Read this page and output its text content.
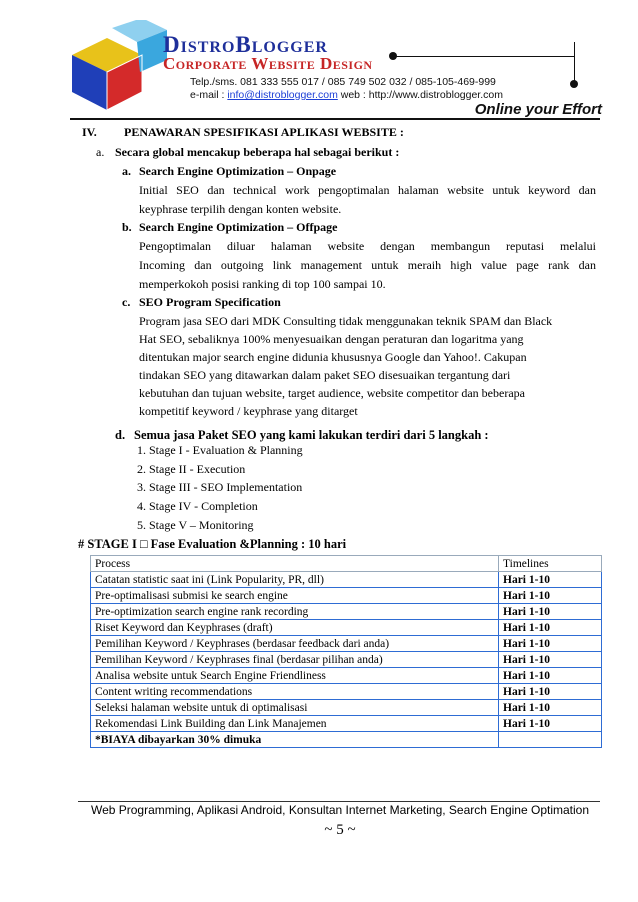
DistroBlogger
Corporate Website Design
Telp./sms. 081 333 555 017 / 085 749 502 032 / 085-105-469-999
e-mail : info@distroblogger.com web : http://www.distroblogger.com
Online your Effort
IV. PENAWARAN SPESIFIKASI APLIKASI WEBSITE :
a. Secara global mencakup beberapa hal sebagai berikut :
a. Search Engine Optimization – Onpage
Initial SEO dan technical work pengoptimalan halaman website untuk keyword dan
keyphrase terpilih dengan konten website.
b. Search Engine Optimization – Offpage
Pengoptimalan diluar halaman website dengan membangun reputasi melalui
Incoming dan outgoing link management untuk meraih high value page rank dan
memperkokoh posisi ranking di top 100 sampai 10.
c. SEO Program Specification
Program jasa SEO dari MDK Consulting tidak menggunakan teknik SPAM dan Black
Hat SEO, sebaliknya 100% menyesuaikan dengan peraturan dan logaritma yang
ditentukan major search engine didunia khususnya Google dan Yahoo!. Cakupan
tindakan SEO yang ditawarkan dalam paket SEO disesuaikan tergantung dari
kebutuhan dan tujuan website, target audience, website competitor dan beberapa
kompetitif keyword / keyphrase yang ditarget
d. Semua jasa Paket SEO yang kami lakukan terdiri dari 5 langkah :
1. Stage I - Evaluation & Planning
2. Stage II - Execution
3. Stage III - SEO Implementation
4. Stage IV - Completion
5. Stage V – Monitoring
# STAGE I □ Fase Evaluation &Planning : 10 hari
Process	Timelines
Catatan statistic saat ini (Link Popularity, PR, dll)	Hari 1-10
Pre-optimalisasi submisi ke search engine	Hari 1-10
Pre-optimization search engine rank recording	Hari 1-10
Riset Keyword dan Keyphrases (draft)	Hari 1-10
Pemilihan Keyword / Keyphrases (berdasar feedback dari anda)	Hari 1-10
Pemilihan Keyword / Keyphrases final (berdasar pilihan anda)	Hari 1-10
Analisa website untuk Search Engine Friendliness	Hari 1-10
Content writing recommendations	Hari 1-10
Seleksi halaman website untuk di optimalisasi	Hari 1-10
Rekomendasi Link Building dan Link Manajemen	Hari 1-10
*BIAYA dibayarkan 30% dimuka	
Web Programming, Aplikasi Android, Konsultan Internet Marketing, Search Engine Optimation
~ 5 ~
